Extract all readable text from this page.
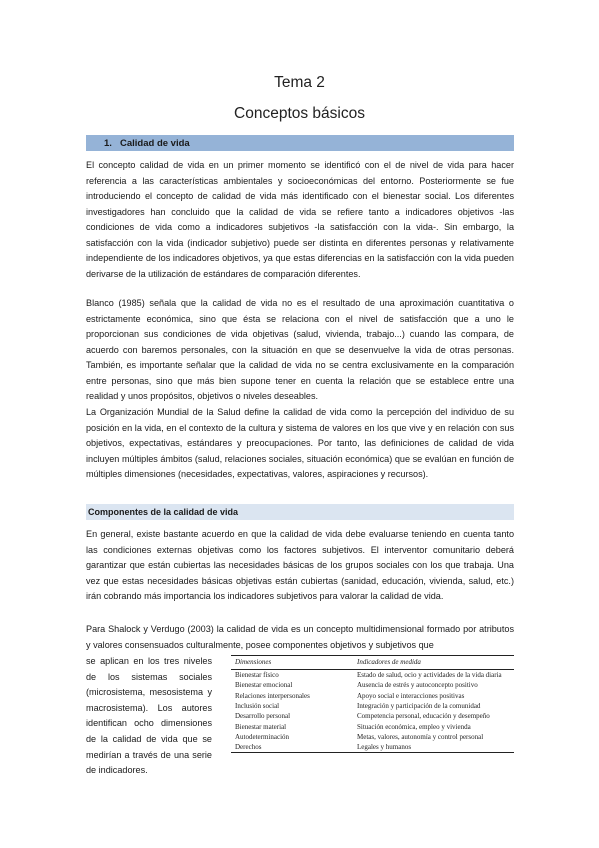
Tema 2
Conceptos básicos
1. Calidad de vida

El concepto calidad de vida en un primer momento se identificó con el de nivel de vida para hacer referencia a las características ambientales y socioeconómicas del entorno. Posteriormente se fue introduciendo el concepto de calidad de vida más identificado con el bienestar social. Los diferentes investigadores han concluido que la calidad de vida se refiere tanto a indicadores objetivos -las condiciones de vida como a indicadores subjetivos -la satisfacción con la vida-. Sin embargo, la satisfacción con la vida (indicador subjetivo) puede ser distinta en diferentes personas y relativamente independiente de los indicadores objetivos, ya que estas diferencias en la satisfacción con la vida pueden derivarse de la utilización de estándares de comparación diferentes.

Blanco (1985) señala que la calidad de vida no es el resultado de una aproximación cuantitativa o estrictamente económica, sino que ésta se relaciona con el nivel de satisfacción que a uno le proporcionan sus condiciones de vida objetivas (salud, vivienda, trabajo...) cuando las compara, de acuerdo con baremos personales, con la situación en que se desenvuelve la vida de otras personas. También, es importante señalar que la calidad de vida no se centra exclusivamente en la comparación entre personas, sino que más bien supone tener en cuenta la relación que se establece entre una realidad y unos propósitos, objetivos o niveles deseables.

La Organización Mundial de la Salud define la calidad de vida como la percepción del individuo de su posición en la vida, en el contexto de la cultura y sistema de valores en los que vive y en relación con sus objetivos, expectativas, estándares y preocupaciones. Por tanto, las definiciones de calidad de vida incluyen múltiples ámbitos (salud, relaciones sociales, situación económica) que se evalúan en función de múltiples dimensiones (necesidades, expectativas, valores, aspiraciones y recursos).

Componentes de la calidad de vida

En general, existe bastante acuerdo en que la calidad de vida debe evaluarse teniendo en cuenta tanto las condiciones externas objetivas como los factores subjetivos. El interventor comunitario deberá garantizar que están cubiertas las necesidades básicas de los grupos sociales con los que trabaja. Una vez que estas necesidades básicas objetivas están cubiertas (sanidad, educación, vivienda, salud, etc.) irán cobrando más importancia los indicadores subjetivos para valorar la calidad de vida.

Para Shalock y Verdugo (2003) la calidad de vida es un concepto multidimensional formado por atributos y valores consensuados culturalmente, posee componentes objetivos y subjetivos que

se aplican en los tres niveles de los sistemas sociales (microsistema, mesosistema y macrosistema). Los autores identifican ocho dimensiones de la calidad de vida que se medirían a través de una serie de indicadores.

Dimensiones	Indicadores de medida
Bienestar físico	Estado de salud, ocio y actividades de la vida diaria
Bienestar emocional	Ausencia de estrés y autoconcepto positivo
Relaciones interpersonales	Apoyo social e interacciones positivas
Inclusión social	Integración y participación de la comunidad
Desarrollo personal	Competencia personal, educación y desempeño
Bienestar material	Situación económica, empleo y vivienda
Autodeterminación	Metas, valores, autonomía y control personal
Derechos	Legales y humanos
